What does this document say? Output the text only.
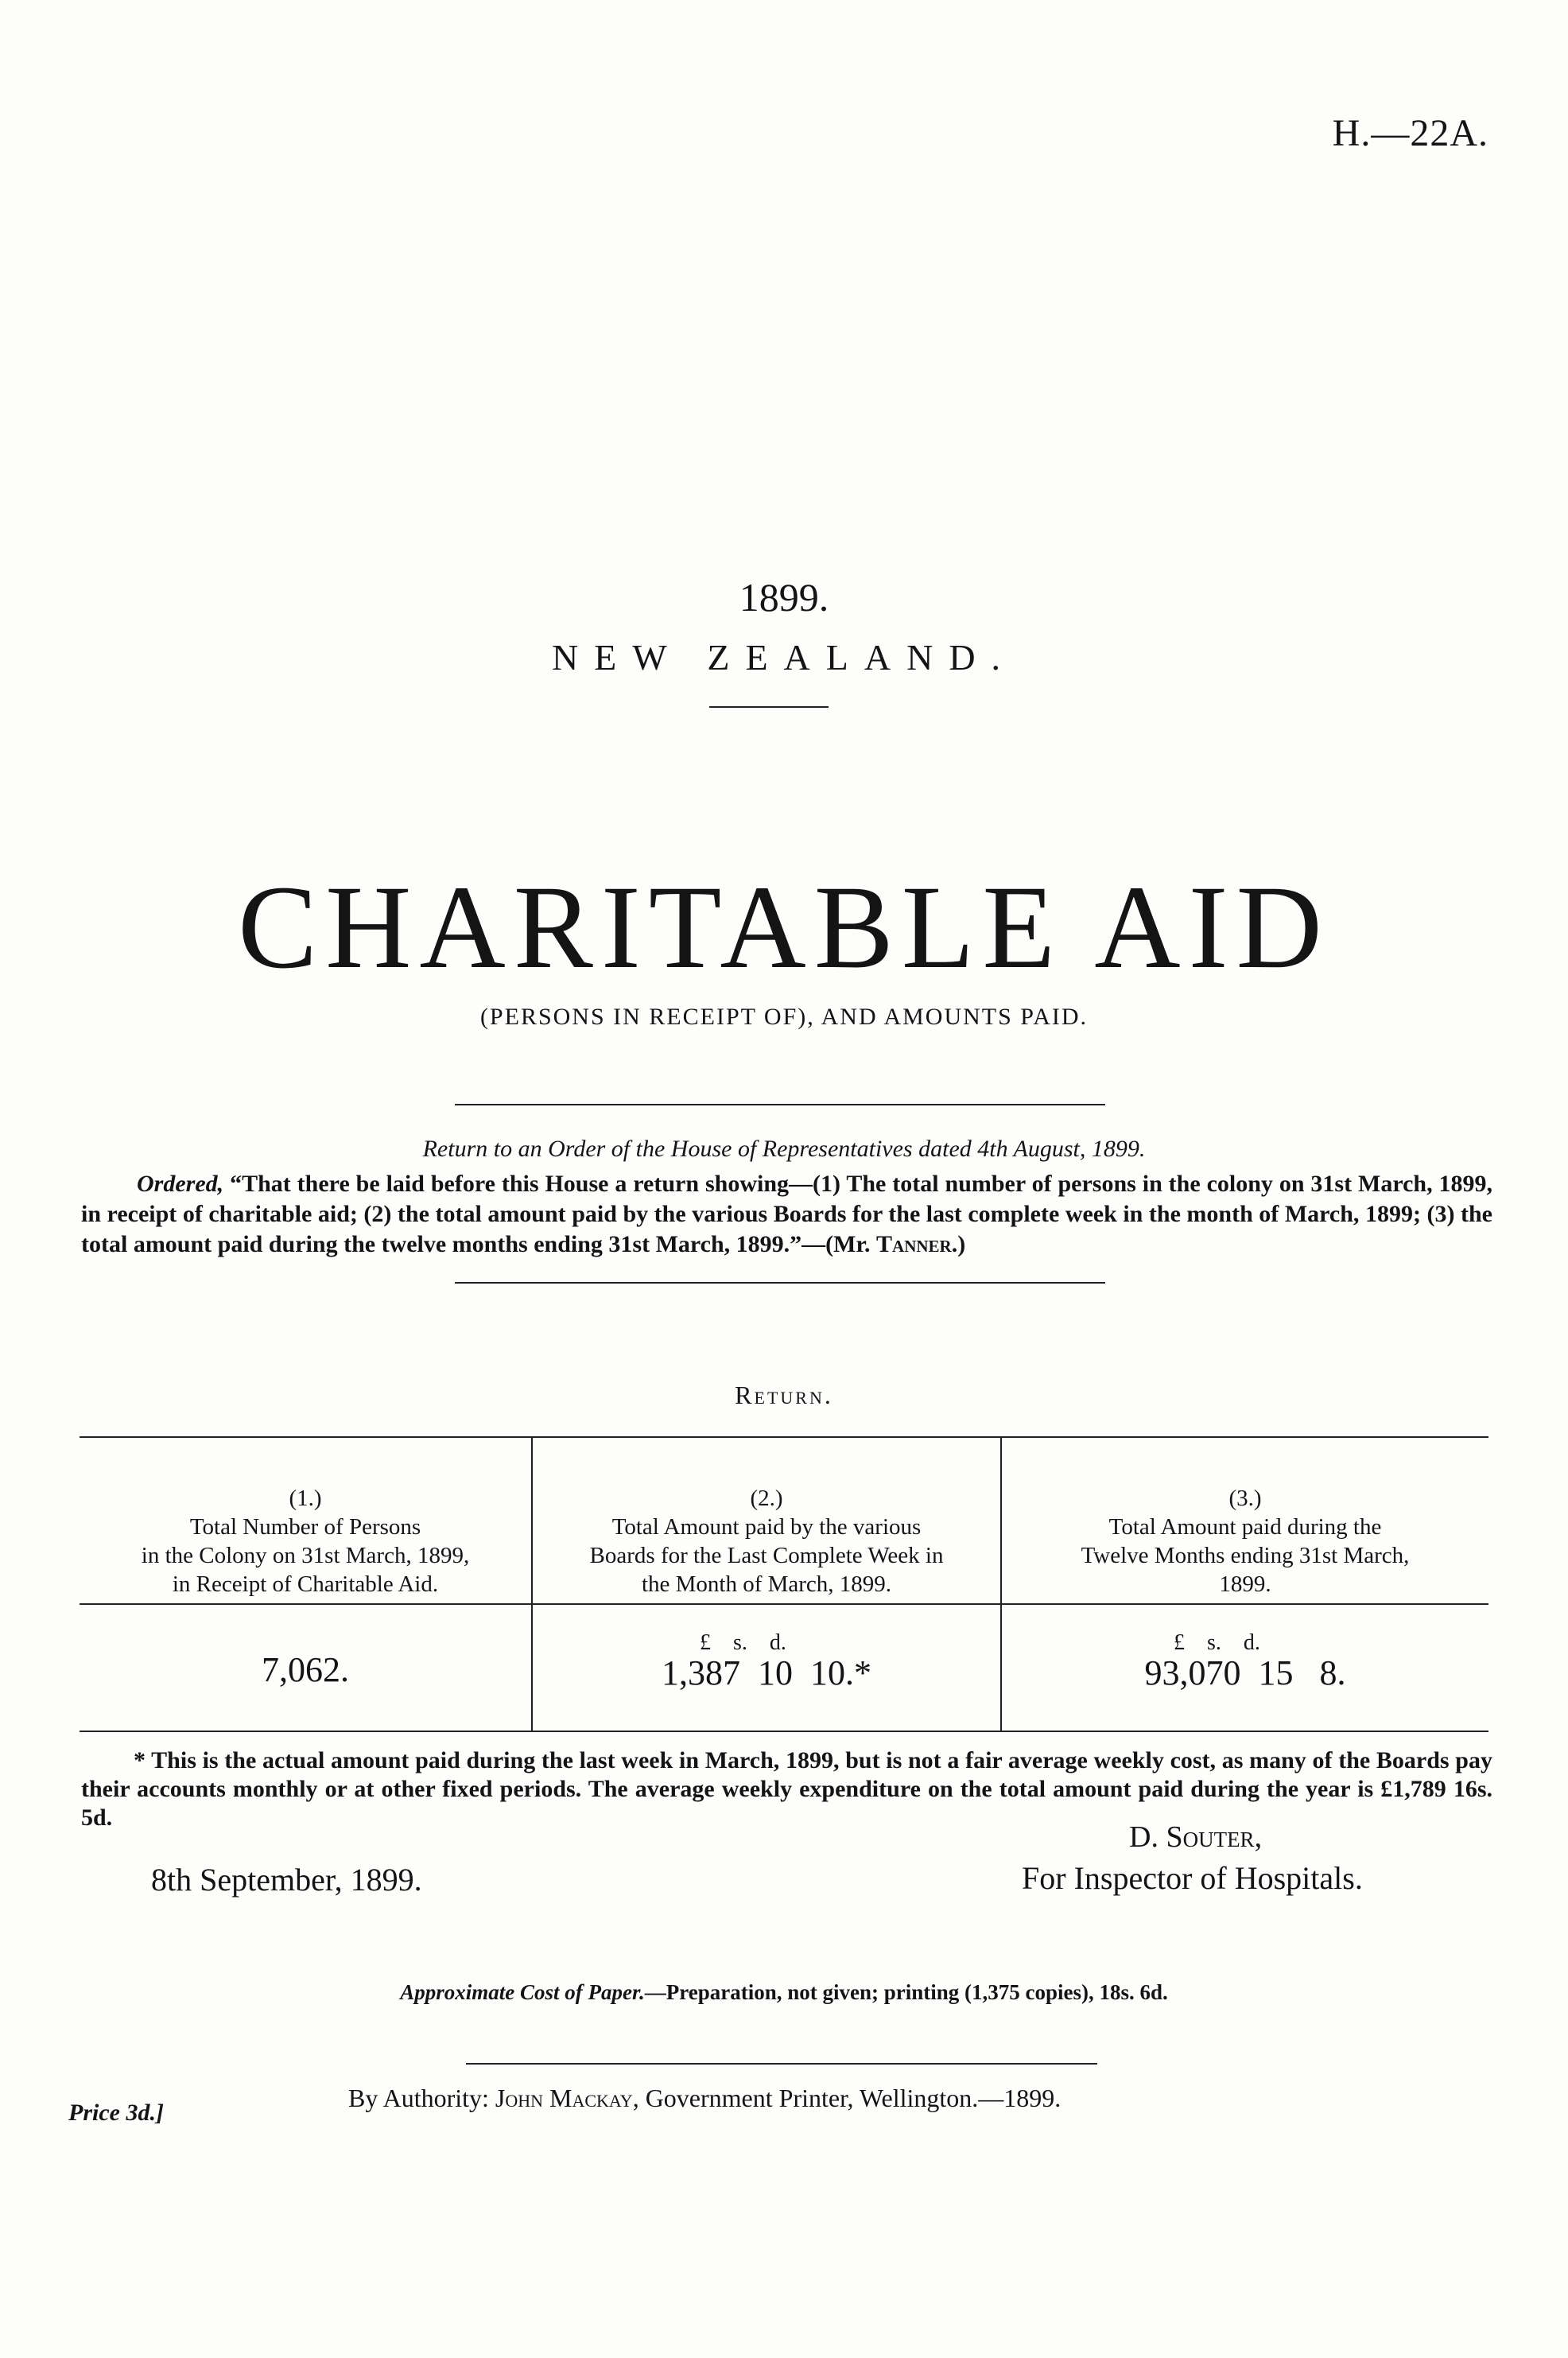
H.—22A.
1899.
NEW ZEALAND.
CHARITABLE AID
(PERSONS IN RECEIPT OF), AND AMOUNTS PAID.
Return to an Order of the House of Representatives dated 4th August, 1899.
Ordered, “That there be laid before this House a return showing—(1) The total number of persons in the colony on 31st March, 1899, in receipt of charitable aid; (2) the total amount paid by the various Boards for the last complete week in the month of March, 1899; (3) the total amount paid during the twelve months ending 31st March, 1899.”—(Mr. Tanner.)
Return.
(1.)
Total Number of Persons
in the Colony on 31st March, 1899,
in Receipt of Charitable Aid.
(2.)
Total Amount paid by the various
Boards for the Last Complete Week in
the Month of March, 1899.
(3.)
Total Amount paid during the
Twelve Months ending 31st March,
1899.
7,062.
£    s.    d.
1,387  10  10.*
£    s.    d.
93,070  15   8.
* This is the actual amount paid during the last week in March, 1899, but is not a fair average weekly cost, as many of the Boards pay their accounts monthly or at other fixed periods. The average weekly expenditure on the total amount paid during the year is £1,789 16s. 5d.
D. Souter,
8th September, 1899.	For Inspector of Hospitals.
Approximate Cost of Paper.—Preparation, not given; printing (1,375 copies), 18s. 6d.
By Authority: John Mackay, Government Printer, Wellington.—1899.
Price 3d.]
